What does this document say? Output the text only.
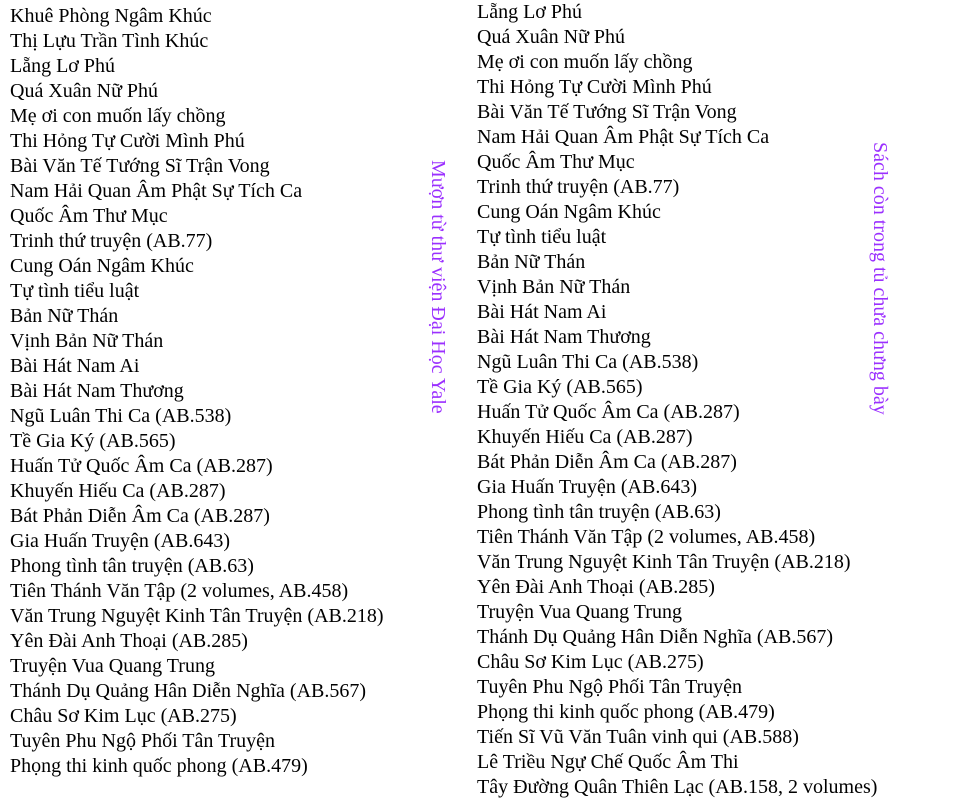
Khuê Phòng Ngâm Khúc
Thị Lựu Trần Tình Khúc
Lẵng Lơ Phú
Quá Xuân Nữ Phú
Mẹ ơi con muốn lấy chồng
Thi Hỏng Tự Cười Mình Phú
Bài Văn Tế Tướng Sĩ Trận Vong
Nam Hải Quan Âm Phật Sự Tích Ca
Quốc Âm Thư Mục
Trinh thứ truyện (AB.77)
Cung Oán Ngâm Khúc
Tự tình tiểu luật
Bản Nữ Thán
Vịnh Bản Nữ Thán
Bài Hát Nam Ai
Bài Hát Nam Thương
Ngũ Luân Thi Ca (AB.538)
Tề Gia Ký (AB.565)
Huấn Tử Quốc Âm Ca (AB.287)
Khuyến Hiếu Ca (AB.287)
Bát Phản Diễn Âm Ca (AB.287)
Gia Huấn Truyện (AB.643)
Phong tình tân truyện (AB.63)
Tiên Thánh Văn Tập (2 volumes, AB.458)
Văn Trung Nguyệt Kinh Tân Truyện (AB.218)
Yên Đài Anh Thoại (AB.285)
Truyện Vua Quang Trung
Thánh Dụ Quảng Hân Diễn Nghĩa (AB.567)
Châu Sơ Kim Lục (AB.275)
Tuyên Phu Ngộ Phối Tân Truyện
Phọng thi kinh quốc phong (AB.479)
Mượn từ thư viện Đại Học Yale
Lẵng Lơ Phú
Quá Xuân Nữ Phú
Mẹ ơi con muốn lấy chồng
Thi Hỏng Tự Cười Mình Phú
Bài Văn Tế Tướng Sĩ Trận Vong
Nam Hải Quan Âm Phật Sự Tích Ca
Quốc Âm Thư Mục
Trinh thứ truyện (AB.77)
Cung Oán Ngâm Khúc
Tự tình tiểu luật
Bản Nữ Thán
Vịnh Bản Nữ Thán
Bài Hát Nam Ai
Bài Hát Nam Thương
Ngũ Luân Thi Ca (AB.538)
Tề Gia Ký (AB.565)
Huấn Tử Quốc Âm Ca (AB.287)
Khuyến Hiếu Ca (AB.287)
Bát Phản Diễn Âm Ca (AB.287)
Gia Huấn Truyện (AB.643)
Phong tình tân truyện (AB.63)
Tiên Thánh Văn Tập (2 volumes, AB.458)
Văn Trung Nguyệt Kinh Tân Truyện (AB.218)
Yên Đài Anh Thoại (AB.285)
Truyện Vua Quang Trung
Thánh Dụ Quảng Hân Diễn Nghĩa (AB.567)
Châu Sơ Kim Lục (AB.275)
Tuyên Phu Ngộ Phối Tân Truyện
Phọng thi kinh quốc phong (AB.479)
Tiến Sĩ Vũ Văn Tuân vinh qui (AB.588)
Lê Triều Ngự Chế Quốc Âm Thi
Tây Đường Quân Thiên Lạc (AB.158, 2 volumes)
Sách còn trong tủ chưa chưng bày
